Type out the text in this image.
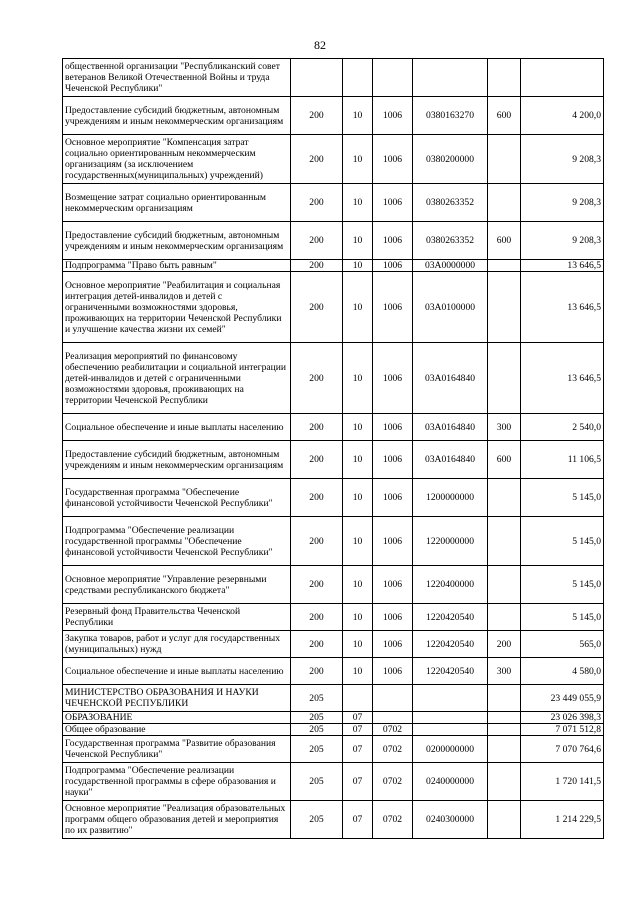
82
общественной организации "Республиканский совет ветеранов Великой Отечественной Войны и труда Чеченской Республики"						
Предоставление субсидий бюджетным, автономным учреждениям и иным некоммерческим организациям	200	10	1006	0380163270	600	4 200,0
Основное мероприятие "Компенсация затрат социально ориентированным некоммерческим организациям (за исключением государственных(муниципальных) учреждений)	200	10	1006	0380200000		9 208,3
Возмещение затрат социально ориентированным некоммерческим организациям	200	10	1006	0380263352		9 208,3
Предоставление субсидий бюджетным, автономным учреждениям и иным некоммерческим организациям	200	10	1006	0380263352	600	9 208,3
Подпрограмма "Право быть равным"	200	10	1006	03А0000000		13 646,5
Основное мероприятие "Реабилитация и социальная интеграция детей-инвалидов и детей с ограниченными возможностями здоровья, проживающих на территории Чеченской Республики и улучшение качества жизни их семей"	200	10	1006	03А0100000		13 646,5
Реализация мероприятий по финансовому обеспечению реабилитации и социальной интеграции детей-инвалидов и детей с ограниченными возможностями здоровья, проживающих на территории Чеченской Республики	200	10	1006	03А0164840		13 646,5
Социальное обеспечение и иные выплаты населению	200	10	1006	03А0164840	300	2 540,0
Предоставление субсидий бюджетным, автономным учреждениям и иным некоммерческим организациям	200	10	1006	03А0164840	600	11 106,5
Государственная программа "Обеспечение финансовой устойчивости Чеченской Республики"	200	10	1006	1200000000		5 145,0
Подпрограмма "Обеспечение реализации государственной программы "Обеспечение финансовой устойчивости Чеченской Республики"	200	10	1006	1220000000		5 145,0
Основное мероприятие "Управление резервными средствами республиканского бюджета"	200	10	1006	1220400000		5 145,0
Резервный фонд Правительства Чеченской Республики	200	10	1006	1220420540		5 145,0
Закупка товаров, работ и услуг для государственных (муниципальных) нужд	200	10	1006	1220420540	200	565,0
Социальное обеспечение и иные выплаты населению	200	10	1006	1220420540	300	4 580,0
МИНИСТЕРСТВО ОБРАЗОВАНИЯ И НАУКИ ЧЕЧЕНСКОЙ РЕСПУБЛИКИ	205					23 449 055,9
ОБРАЗОВАНИЕ	205	07				23 026 398,3
Общее образование	205	07	0702			7 071 512,8
Государственная программа "Развитие образования Чеченской Республики"	205	07	0702	0200000000		7 070 764,6
Подпрограмма "Обеспечение реализации государственной программы в сфере образования и науки"	205	07	0702	0240000000		1 720 141,5
Основное мероприятие "Реализация образовательных программ общего образования детей и мероприятия по их развитию"	205	07	0702	0240300000		1 214 229,5
